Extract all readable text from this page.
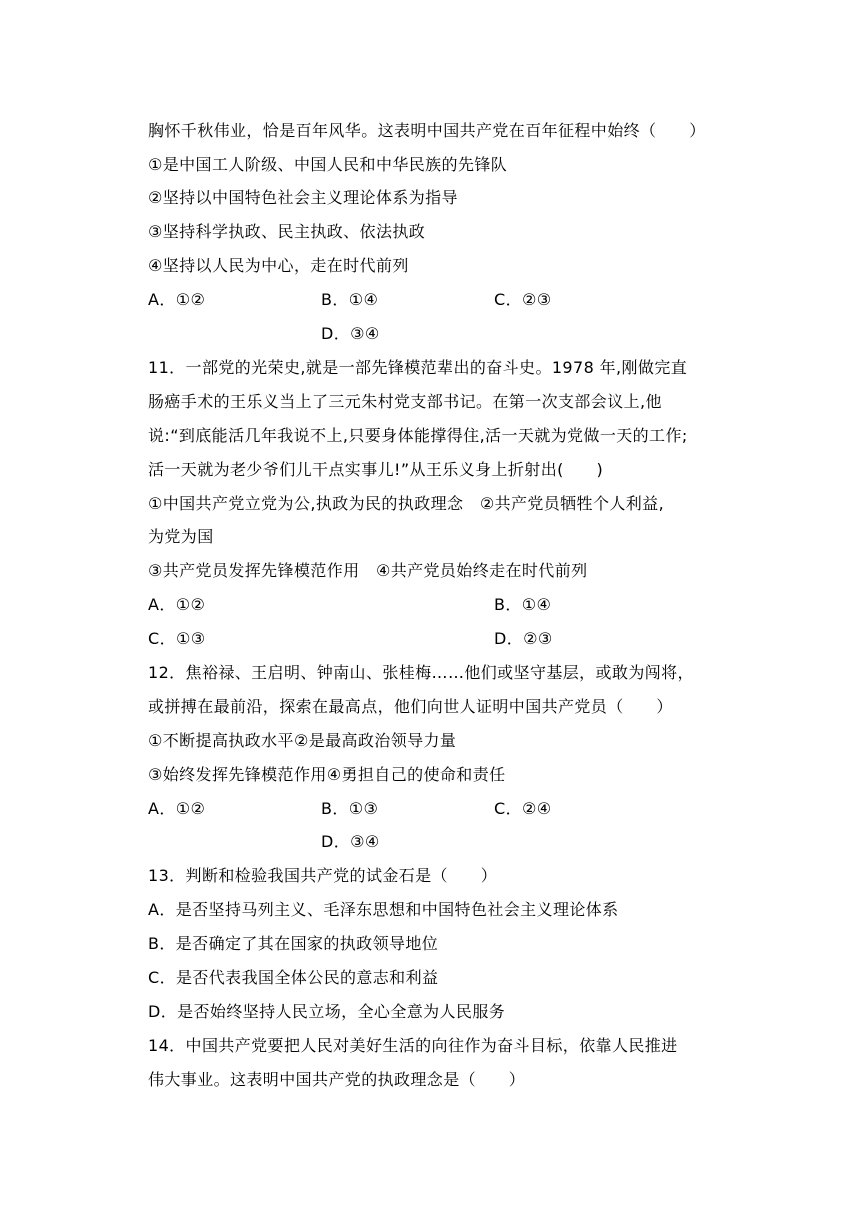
胸怀千秋伟业，恰是百年风华。这表明中国共产党在百年征程中始终（　　）
①是中国工人阶级、中国人民和中华民族的先锋队
②坚持以中国特色社会主义理论体系为指导
③坚持科学执政、民主执政、依法执政
④坚持以人民为中心，走在时代前列
A．①②	B．①④	C．②③
D．③④
11．一部党的光荣史,就是一部先锋模范辈出的奋斗史。1978 年,刚做完直
肠癌手术的王乐义当上了三元朱村党支部书记。在第一次支部会议上,他
说:“到底能活几年我说不上,只要身体能撑得住,活一天就为党做一天的工作;
活一天就为老少爷们儿干点实事儿!”从王乐义身上折射出(　　)
①中国共产党立党为公,执政为民的执政理念　②共产党员牺牲个人利益,
为党为国
③共产党员发挥先锋模范作用　④共产党员始终走在时代前列
A．①②	B．①④
C．①③	D．②③
12．焦裕禄、王启明、钟南山、张桂梅……他们或坚守基层，或敢为闯将，
或拼搏在最前沿，探索在最高点，他们向世人证明中国共产党员（　　）
①不断提高执政水平②是最高政治领导力量
③始终发挥先锋模范作用④勇担自己的使命和责任
A．①②	B．①③	C．②④
D．③④
13．判断和检验我国共产党的试金石是（　　）
A．是否坚持马列主义、毛泽东思想和中国特色社会主义理论体系
B．是否确定了其在国家的执政领导地位
C．是否代表我国全体公民的意志和利益
D．是否始终坚持人民立场，全心全意为人民服务
14．中国共产党要把人民对美好生活的向往作为奋斗目标，依靠人民推进
伟大事业。这表明中国共产党的执政理念是（　　）
